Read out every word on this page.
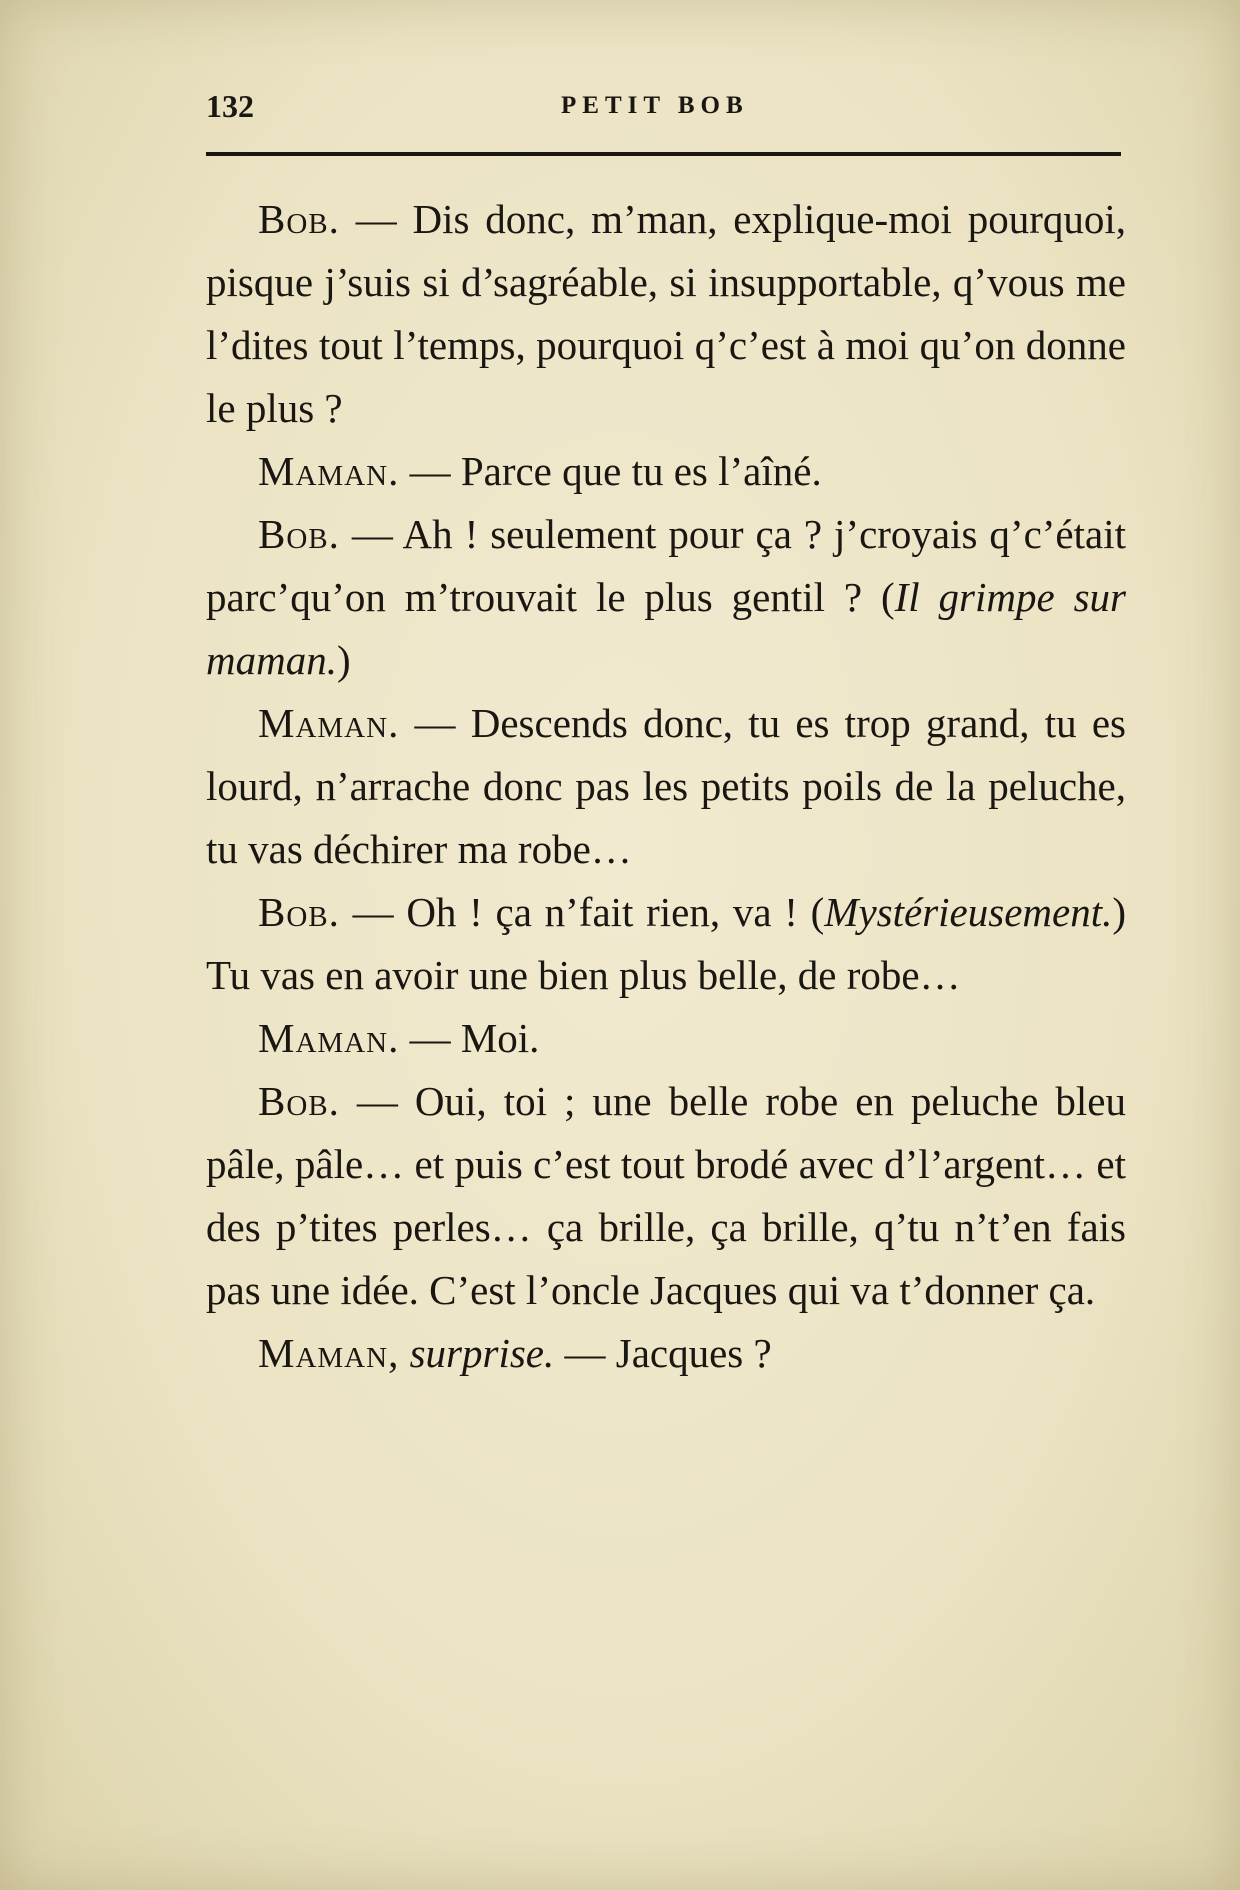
132	PETIT BOB

Bob. — Dis donc, m’man, explique-moi pourquoi, pisque j’suis si d’sagréable, si insupportable, q’vous me l’dites tout l’temps, pourquoi q’c’est à moi qu’on donne le plus ?

Maman. — Parce que tu es l’aîné.

Bob. — Ah ! seulement pour ça ? j’croyais q’c’était parc’qu’on m’trouvait le plus gentil ? (Il grimpe sur maman.)

Maman. — Descends donc, tu es trop grand, tu es lourd, n’arrache donc pas les petits poils de la peluche, tu vas déchirer ma robe…

Bob. — Oh ! ça n’fait rien, va ! (Mystérieusement.) Tu vas en avoir une bien plus belle, de robe…

Maman. — Moi.

Bob. — Oui, toi ; une belle robe en peluche bleu pâle, pâle… et puis c’est tout brodé avec d’l’argent… et des p’tites perles… ça brille, ça brille, q’tu n’t’en fais pas une idée. C’est l’oncle Jacques qui va t’donner ça.

Maman, surprise. — Jacques ?
